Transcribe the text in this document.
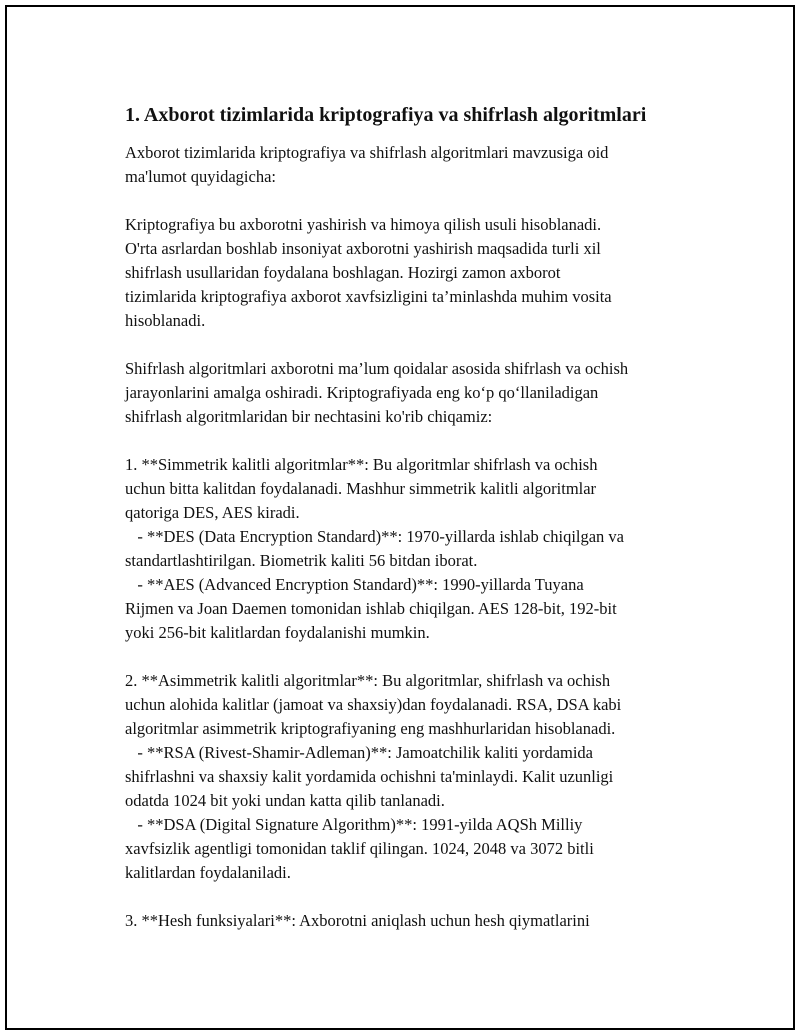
1. Axborot tizimlarida kriptografiya va shifrlash algoritmlari
Axborot tizimlarida kriptografiya va shifrlash algoritmlari mavzusiga oid
ma'lumot quyidagicha:
Kriptografiya bu axborotni yashirish va himoya qilish usuli hisoblanadi.
O'rta asrlardan boshlab insoniyat axborotni yashirish maqsadida turli xil
shifrlash usullaridan foydalana boshlagan. Hozirgi zamon axborot
tizimlarida kriptografiya axborot xavfsizligini ta’minlashda muhim vosita
hisoblanadi.
Shifrlash algoritmlari axborotni ma’lum qoidalar asosida shifrlash va ochish
jarayonlarini amalga oshiradi. Kriptografiyada eng koʻp qoʻllaniladigan
shifrlash algoritmlaridan bir nechtasini ko'rib chiqamiz:
1. **Simmetrik kalitli algoritmlar**: Bu algoritmlar shifrlash va ochish
uchun bitta kalitdan foydalanadi. Mashhur simmetrik kalitli algoritmlar
qatoriga DES, AES kiradi.
- **DES (Data Encryption Standard)**: 1970-yillarda ishlab chiqilgan va
standartlashtirilgan. Biometrik kaliti 56 bitdan iborat.
- **AES (Advanced Encryption Standard)**: 1990-yillarda Tuyana
Rijmen va Joan Daemen tomonidan ishlab chiqilgan. AES 128-bit, 192-bit
yoki 256-bit kalitlardan foydalanishi mumkin.
2. **Asimmetrik kalitli algoritmlar**: Bu algoritmlar, shifrlash va ochish
uchun alohida kalitlar (jamoat va shaxsiy)dan foydalanadi. RSA, DSA kabi
algoritmlar asimmetrik kriptografiyaning eng mashhurlaridan hisoblanadi.
- **RSA (Rivest-Shamir-Adleman)**: Jamoatchilik kaliti yordamida
shifrlashni va shaxsiy kalit yordamida ochishni ta'minlaydi. Kalit uzunligi
odatda 1024 bit yoki undan katta qilib tanlanadi.
- **DSA (Digital Signature Algorithm)**: 1991-yilda AQSh Milliy
xavfsizlik agentligi tomonidan taklif qilingan. 1024, 2048 va 3072 bitli
kalitlardan foydalaniladi.
3. **Hesh funksiyalari**: Axborotni aniqlash uchun hesh qiymatlarini
